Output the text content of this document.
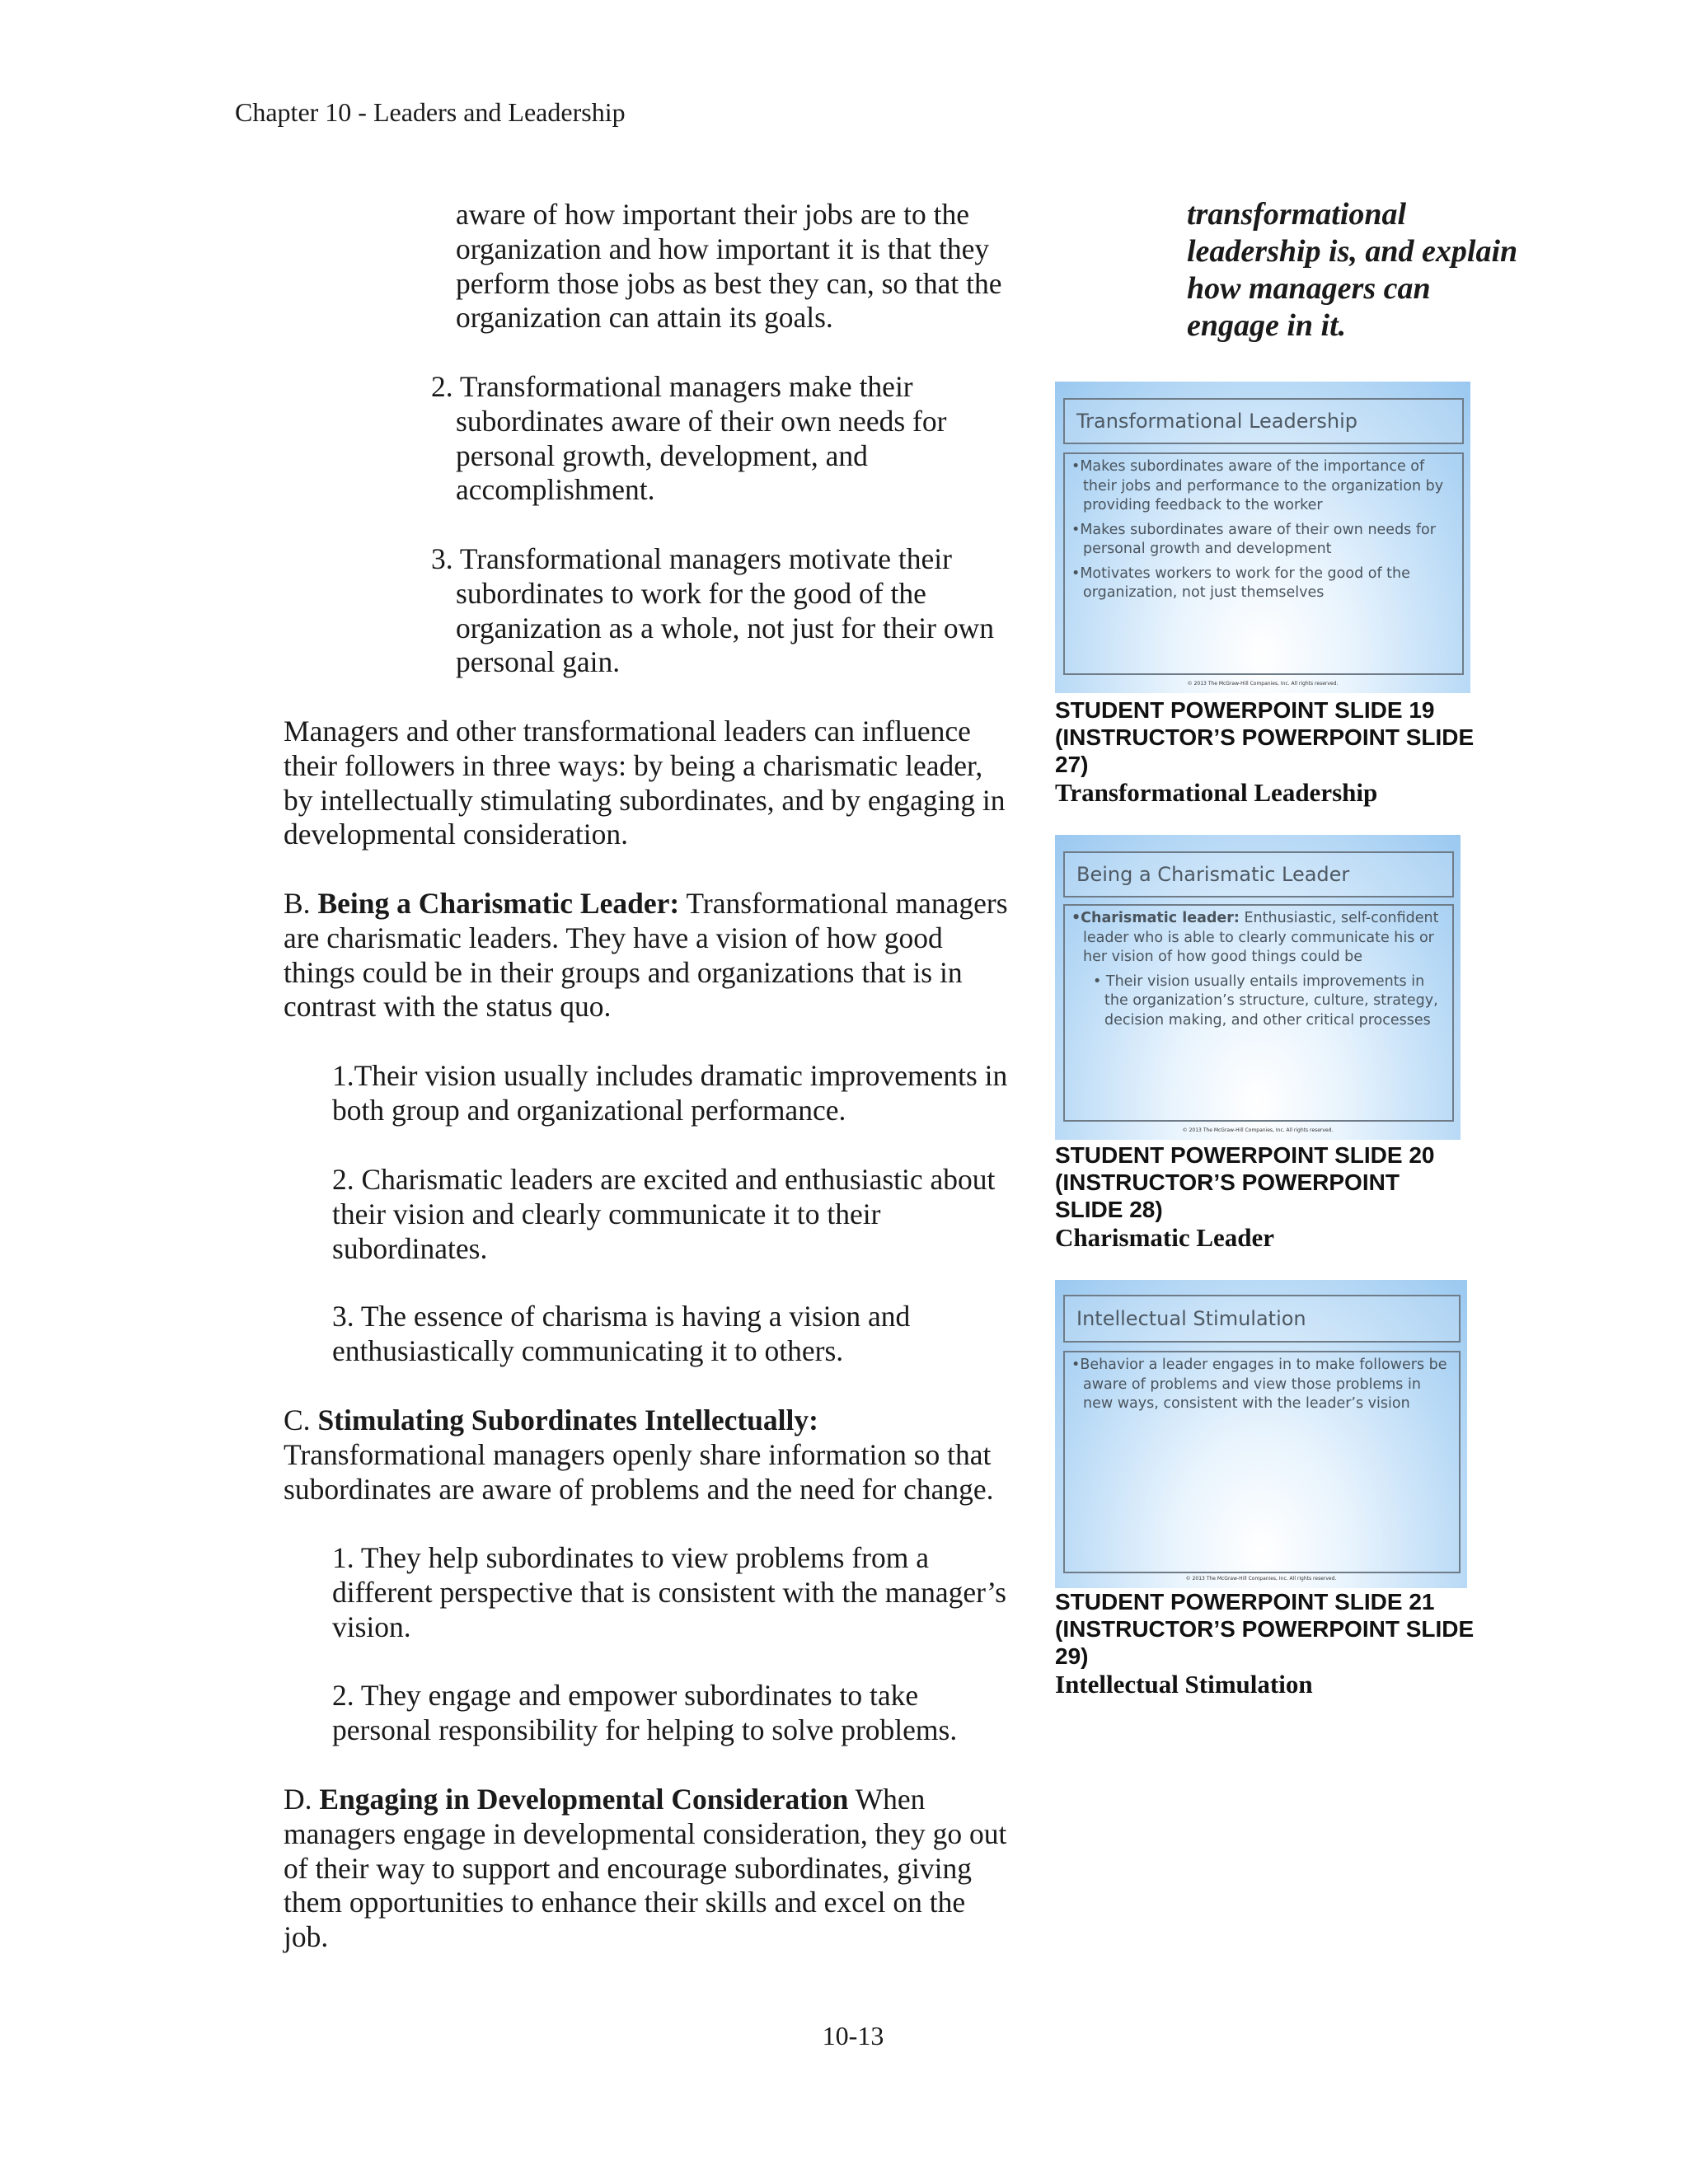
Chapter 10 - Leaders and Leadership

aware of how important their jobs are to the

organization and how important it is that they

perform those jobs as best they can, so that the

organization can attain its goals.

2. Transformational managers make their

subordinates aware of their own needs for

personal growth, development, and

accomplishment.

3. Transformational managers motivate their

subordinates to work for the good of the

organization as a whole, not just for their own

personal gain.

Managers and other transformational leaders can influence

their followers in three ways: by being a charismatic leader,

by intellectually stimulating subordinates, and by engaging in

developmental consideration.

B. Being a Charismatic Leader: Transformational managers

are charismatic leaders. They have a vision of how good

things could be in their groups and organizations that is in

contrast with the status quo.

1.Their vision usually includes dramatic improvements in

both group and organizational performance.

2. Charismatic leaders are excited and enthusiastic about

their vision and clearly communicate it to their

subordinates.

3. The essence of charisma is having a vision and

enthusiastically communicating it to others.

C. Stimulating Subordinates Intellectually:

Transformational managers openly share information so that

subordinates are aware of problems and the need for change.

1. They help subordinates to view problems from a

different perspective that is consistent with the manager’s

vision.

2. They engage and empower subordinates to take

personal responsibility for helping to solve problems.

D. Engaging in Developmental Consideration When

managers engage in developmental consideration, they go out

of their way to support and encourage subordinates, giving

them opportunities to enhance their skills and excel on the

job.

transformational
leadership is, and explain
how managers can
engage in it.
Transformational Leadership
•Makes subordinates aware of the importance of their jobs and performance to the organization by providing feedback to the worker
•Makes subordinates aware of their own needs for personal growth and development
•Motivates workers to work for the good of the organization, not just themselves
© 2013 The McGraw-Hill Companies, Inc. All rights reserved.
STUDENT POWERPOINT SLIDE 19
(INSTRUCTOR’S POWERPOINT SLIDE
27)
Transformational Leadership
Being a Charismatic Leader
•Charismatic leader: Enthusiastic, self-confident leader who is able to clearly communicate his or her vision of how good things could be
• Their vision usually entails improvements in the organization’s structure, culture, strategy, decision making, and other critical processes
© 2013 The McGraw-Hill Companies, Inc. All rights reserved.
STUDENT POWERPOINT SLIDE 20
(INSTRUCTOR’S POWERPOINT
SLIDE 28)
Charismatic Leader
Intellectual Stimulation
•Behavior a leader engages in to make followers be aware of problems and view those problems in new ways, consistent with the leader’s vision
© 2013 The McGraw-Hill Companies, Inc. All rights reserved.
STUDENT POWERPOINT SLIDE 21
(INSTRUCTOR’S POWERPOINT SLIDE
29)
Intellectual Stimulation
10-13
